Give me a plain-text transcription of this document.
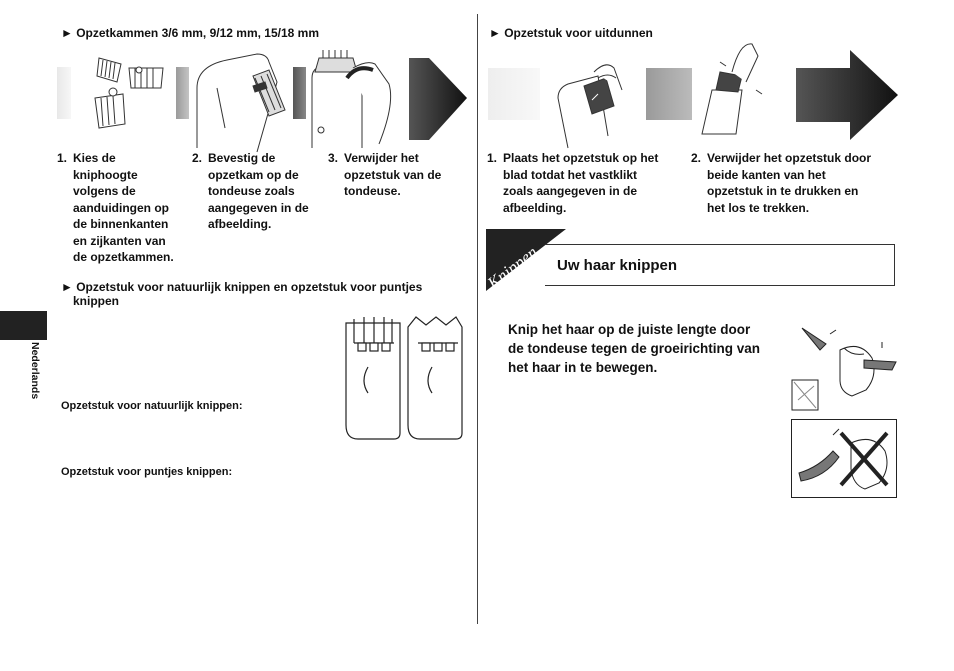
Nederlands
► Opzetkammen 3/6 mm, 9/12 mm, 15/18 mm
1. Kies de
kniphoogte
volgens de
aanduidingen op
de binnenkanten
en zijkanten van
de opzetkammen.
2. Bevestig de
opzetkam op de
tondeuse zoals
aangegeven in de
afbeelding.
3. Verwijder het
opzetstuk van de
tondeuse.
► Opzetstuk voor natuurlijk knippen en opzetstuk voor puntjes
knippen
Opzetstuk voor natuurlijk knippen:
Opzetstuk voor puntjes knippen:
► Opzetstuk voor uitdunnen
1. Plaats het opzetstuk op het
blad totdat het vastklikt
zoals aangegeven in de
afbeelding.
2. Verwijder het opzetstuk door
beide kanten van het
opzetstuk in te drukken en
het los te trekken.
Knippen Uw haar knippen
Knip het haar op de juiste lengte door
de tondeuse tegen de groeirichting van
het haar in te bewegen.
